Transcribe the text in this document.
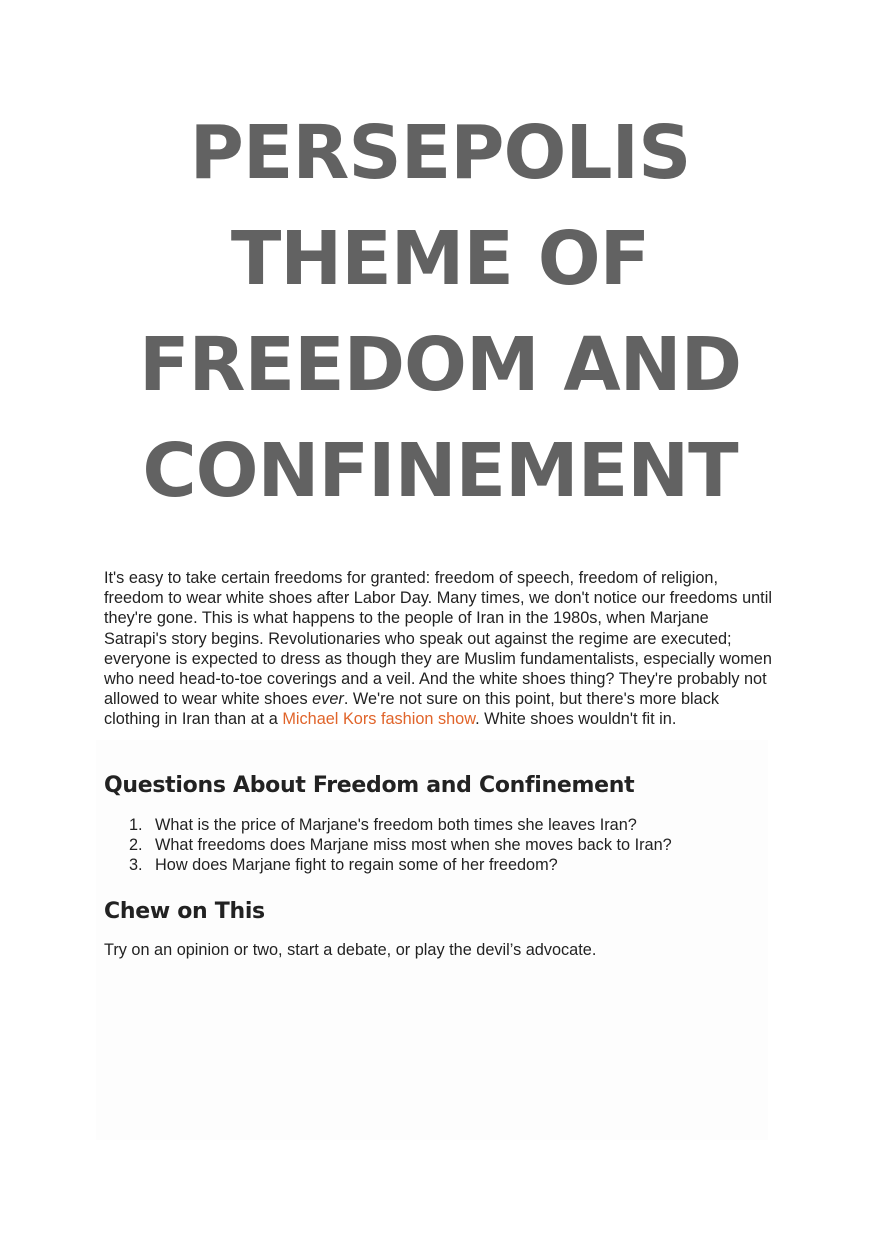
PERSEPOLIS
THEME OF
FREEDOM AND
CONFINEMENT

It's easy to take certain freedoms for granted: freedom of speech, freedom of religion, freedom to wear white shoes after Labor Day. Many times, we don't notice our freedoms until they're gone. This is what happens to the people of Iran in the 1980s, when Marjane Satrapi's story begins. Revolutionaries who speak out against the regime are executed; everyone is expected to dress as though they are Muslim fundamentalists, especially women who need head-to-toe coverings and a veil. And the white shoes thing? They're probably not allowed to wear white shoes ever. We're not sure on this point, but there's more black clothing in Iran than at a Michael Kors fashion show. White shoes wouldn't fit in.

Questions About Freedom and Confinement
1. What is the price of Marjane's freedom both times she leaves Iran?
2. What freedoms does Marjane miss most when she moves back to Iran?
3. How does Marjane fight to regain some of her freedom?
Chew on This

Try on an opinion or two, start a debate, or play the devil’s advocate.
